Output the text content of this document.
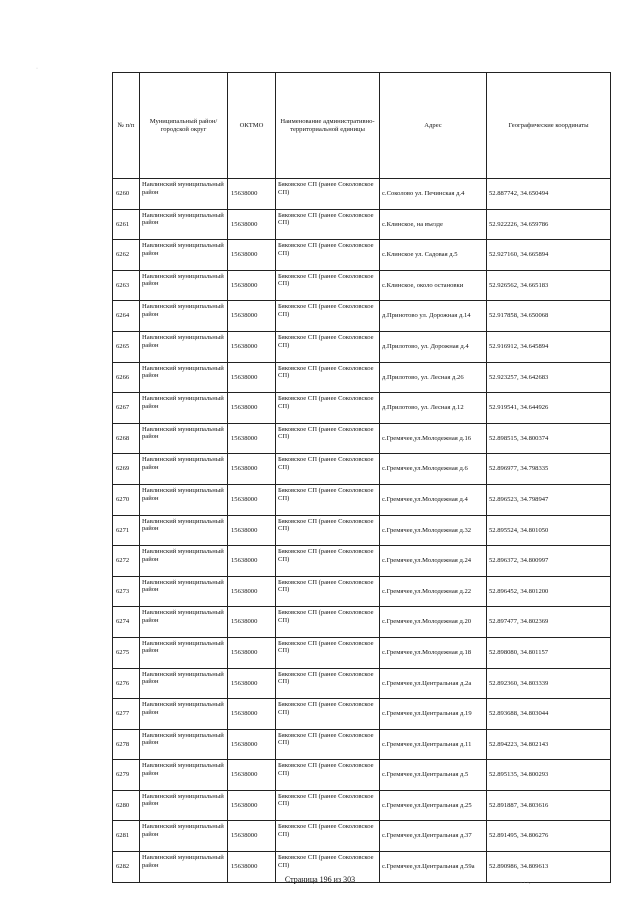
·
№ п/п	Муниципальный район/городской округ	ОКТМО	Наименование административно-территориальной единицы	Адрес	Географические координаты
6260	Навлинский муниципальный район	15638000	Бяковское СП (ранее Соколовское СП)	с.Соколово ул. Печинская д.4	52.887742, 34.650494
6261	Навлинский муниципальный район	15638000	Бяковское СП (ранее Соколовское СП)	с.Клинское, на въезде	52.922226, 34.659786
6262	Навлинский муниципальный район	15638000	Бяковское СП (ранее Соколовское СП)	с.Клинское ул. Садовая д.5	52.927160, 34.665894
6263	Навлинский муниципальный район	15638000	Бяковское СП (ранее Соколовское СП)	с.Клинское, около остановки	52.926562, 34.665183
6264	Навлинский муниципальный район	15638000	Бяковское СП (ранее Соколовское СП)	д.Принотово ул. Дорожная д.14	52.917858, 34.650068
6265	Навлинский муниципальный район	15638000	Бяковское СП (ранее Соколовское СП)	д.Прилотово, ул. Дорожная д.4	52.916912, 34.645894
6266	Навлинский муниципальный район	15638000	Бяковское СП (ранее Соколовское СП)	д.Прилотово, ул. Лесная д.26	52.923257, 34.642683
6267	Навлинский муниципальный район	15638000	Бяковское СП (ранее Соколовское СП)	д.Прилотово, ул. Лесная д.12	52.919541, 34.644926
6268	Навлинский муниципальный район	15638000	Бяковское СП (ранее Соколовское СП)	с.Гремячее,ул.Молодежная д.16	52.898515, 34.800374
6269	Навлинский муниципальный район	15638000	Бяковское СП (ранее Соколовское СП)	с.Гремячее,ул.Молодежная д.6	52.896977, 34.798335
6270	Навлинский муниципальный район	15638000	Бяковское СП (ранее Соколовское СП)	с.Гремячее,ул.Молодежная д.4	52.896523, 34.798947
6271	Навлинский муниципальный район	15638000	Бяковское СП (ранее Соколовское СП)	с.Гремячее,ул.Молодежная д.32	52.895524, 34.801050
6272	Навлинский муниципальный район	15638000	Бяковское СП (ранее Соколовское СП)	с.Гремячее,ул.Молодежная д.24	52.896372, 34.800997
6273	Навлинский муниципальный район	15638000	Бяковское СП (ранее Соколовское СП)	с.Гремячее,ул.Молодежная д.22	52.896452, 34.801200
6274	Навлинский муниципальный район	15638000	Бяковское СП (ранее Соколовское СП)	с.Гремячее,ул.Молодежная д.20	52.897477, 34.802369
6275	Навлинский муниципальный район	15638000	Бяковское СП (ранее Соколовское СП)	с.Гремячее,ул.Молодежная д.18	52.898080, 34.801157
6276	Навлинский муниципальный район	15638000	Бяковское СП (ранее Соколовское СП)	с.Гремячее,ул.Центральная д.2а	52.892360, 34.803339
6277	Навлинский муниципальный район	15638000	Бяковское СП (ранее Соколовское СП)	с.Гремячее,ул.Центральная д.19	52.893688, 34.803044
6278	Навлинский муниципальный район	15638000	Бяковское СП (ранее Соколовское СП)	с.Гремячее,ул.Центральная д.11	52.894223, 34.802143
6279	Навлинский муниципальный район	15638000	Бяковское СП (ранее Соколовское СП)	с.Гремячее,ул.Центральная д.5	52.895135, 34.800293
6280	Навлинский муниципальный район	15638000	Бяковское СП (ранее Соколовское СП)	с.Гремячее,ул.Центральная д.25	52.891887, 34.803616
6281	Навлинский муниципальный район	15638000	Бяковское СП (ранее Соколовское СП)	с.Гремячее,ул.Центральная д.37	52.891495, 34.806276
6282	Навлинский муниципальный район	15638000	Бяковское СП (ранее Соколовское СП)	с.Гремячее,ул.Центральная д.59а	52.890986, 34.809613
Страница 196 из 303	· · ·.
